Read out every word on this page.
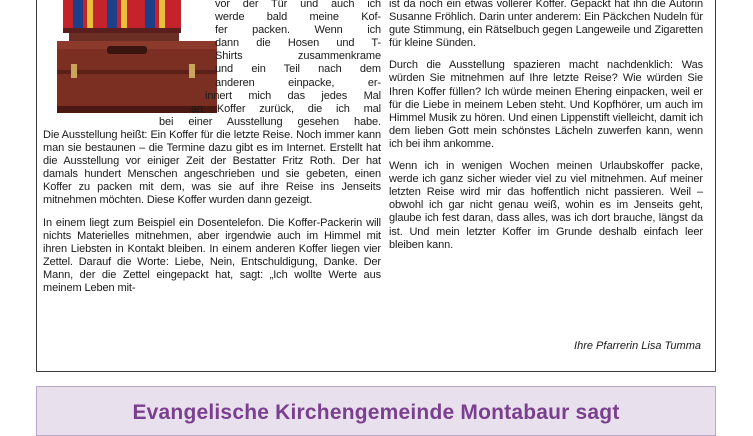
vor der Tür und auch ich
werde bald meine Kof-
fer packen. Wenn ich
dann die Hosen und T-
Shirts zusammenkrame
und ein Teil nach dem
anderen einpacke, er-
innert mich das jedes Mal
an Koffer zurück, die ich mal
bei einer Ausstellung gesehen habe.

Die Ausstellung heißt: Ein Koffer für die letzte Reise. Noch immer kann man sie bestaunen – die Termine dazu gibt es im Internet. Erstellt hat die Ausstellung vor einiger Zeit der Bestatter Fritz Roth. Der hat damals hundert Menschen angeschrieben und sie gebeten, einen Koffer zu packen mit dem, was sie auf ihre Reise ins Jenseits mitnehmen möchten. Diese Koffer wurden dann gezeigt.

In einem liegt zum Beispiel ein Dosentelefon. Die Koffer-Packerin will nichts Materielles mitnehmen, aber irgendwie auch im Himmel mit ihren Liebsten in Kontakt bleiben. In einem anderen Koffer liegen vier Zettel. Darauf die Worte: Liebe, Nein, Entschuldigung, Danke. Der Mann, der die Zettel eingepackt hat, sagt: „Ich wollte Werte aus meinem Leben mit-

ist da noch ein etwas vollerer Koffer. Gepackt hat ihn die Autorin Susanne Fröhlich. Darin unter anderem: Ein Päckchen Nudeln für gute Stimmung, ein Rätselbuch gegen Langeweile und Zigaretten für kleine Sünden.

Durch die Ausstellung spazieren macht nachdenklich: Was würden Sie mitnehmen auf Ihre letzte Reise? Wie würden Sie Ihren Koffer füllen? Ich würde meinen Ehering einpacken, weil er für die Liebe in meinem Leben steht. Und Kopfhörer, um auch im Himmel Musik zu hören. Und einen Lippenstift vielleicht, damit ich dem lieben Gott mein schönstes Lächeln zuwerfen kann, wenn ich bei ihm ankomme.

Wenn ich in wenigen Wochen meinen Urlaubskoffer packe, werde ich ganz sicher wieder viel zu viel mitnehmen. Auf meiner letzten Reise wird mir das hoffentlich nicht passieren. Weil – obwohl ich gar nicht genau weiß, wohin es im Jenseits geht, glaube ich fest daran, dass alles, was ich dort brauche, längst da ist. Und mein letzter Koffer im Grunde deshalb einfach leer bleiben kann.

Ihre Pfarrerin Lisa Tumma
Evangelische Kirchengemeinde Montabaur sagt
